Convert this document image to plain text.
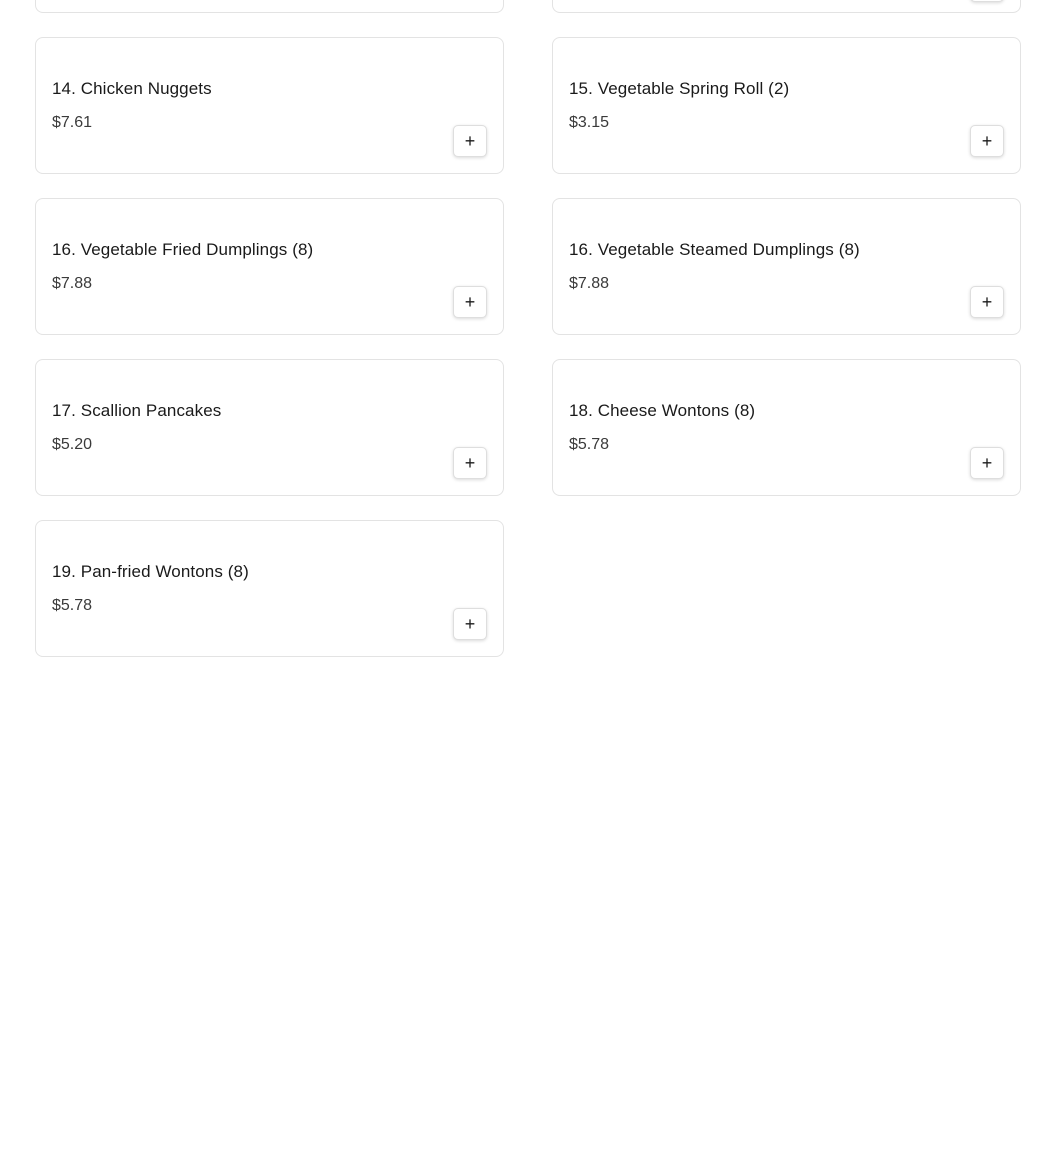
14. Chicken Nuggets
$7.61
+
15. Vegetable Spring Roll (2)
$3.15
+
16. Vegetable Fried Dumplings (8)
$7.88
+
16. Vegetable Steamed Dumplings (8)
$7.88
+
17. Scallion Pancakes
$5.20
+
18. Cheese Wontons (8)
$5.78
+
19. Pan-fried Wontons (8)
$5.78
+
